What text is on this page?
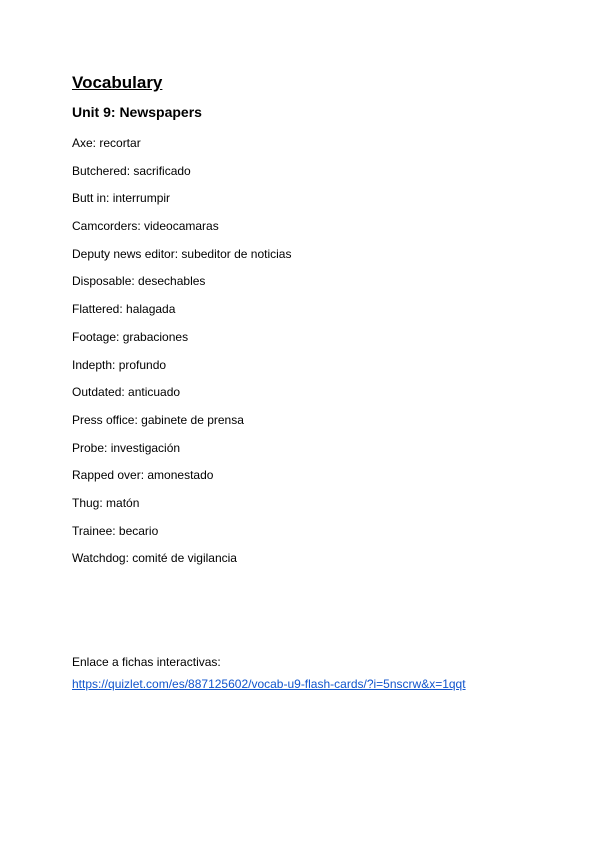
Vocabulary
Unit 9: Newspapers
Axe: recortar
Butchered: sacrificado
Butt in: interrumpir
Camcorders: videocamaras
Deputy news editor: subeditor de noticias
Disposable: desechables
Flattered: halagada
Footage: grabaciones
Indepth: profundo
Outdated: anticuado
Press office: gabinete de prensa
Probe: investigación
Rapped over: amonestado
Thug: matón
Trainee: becario
Watchdog: comité de vigilancia
Enlace a fichas interactivas:
https://quizlet.com/es/887125602/vocab-u9-flash-cards/?i=5nscrw&x=1qqt
